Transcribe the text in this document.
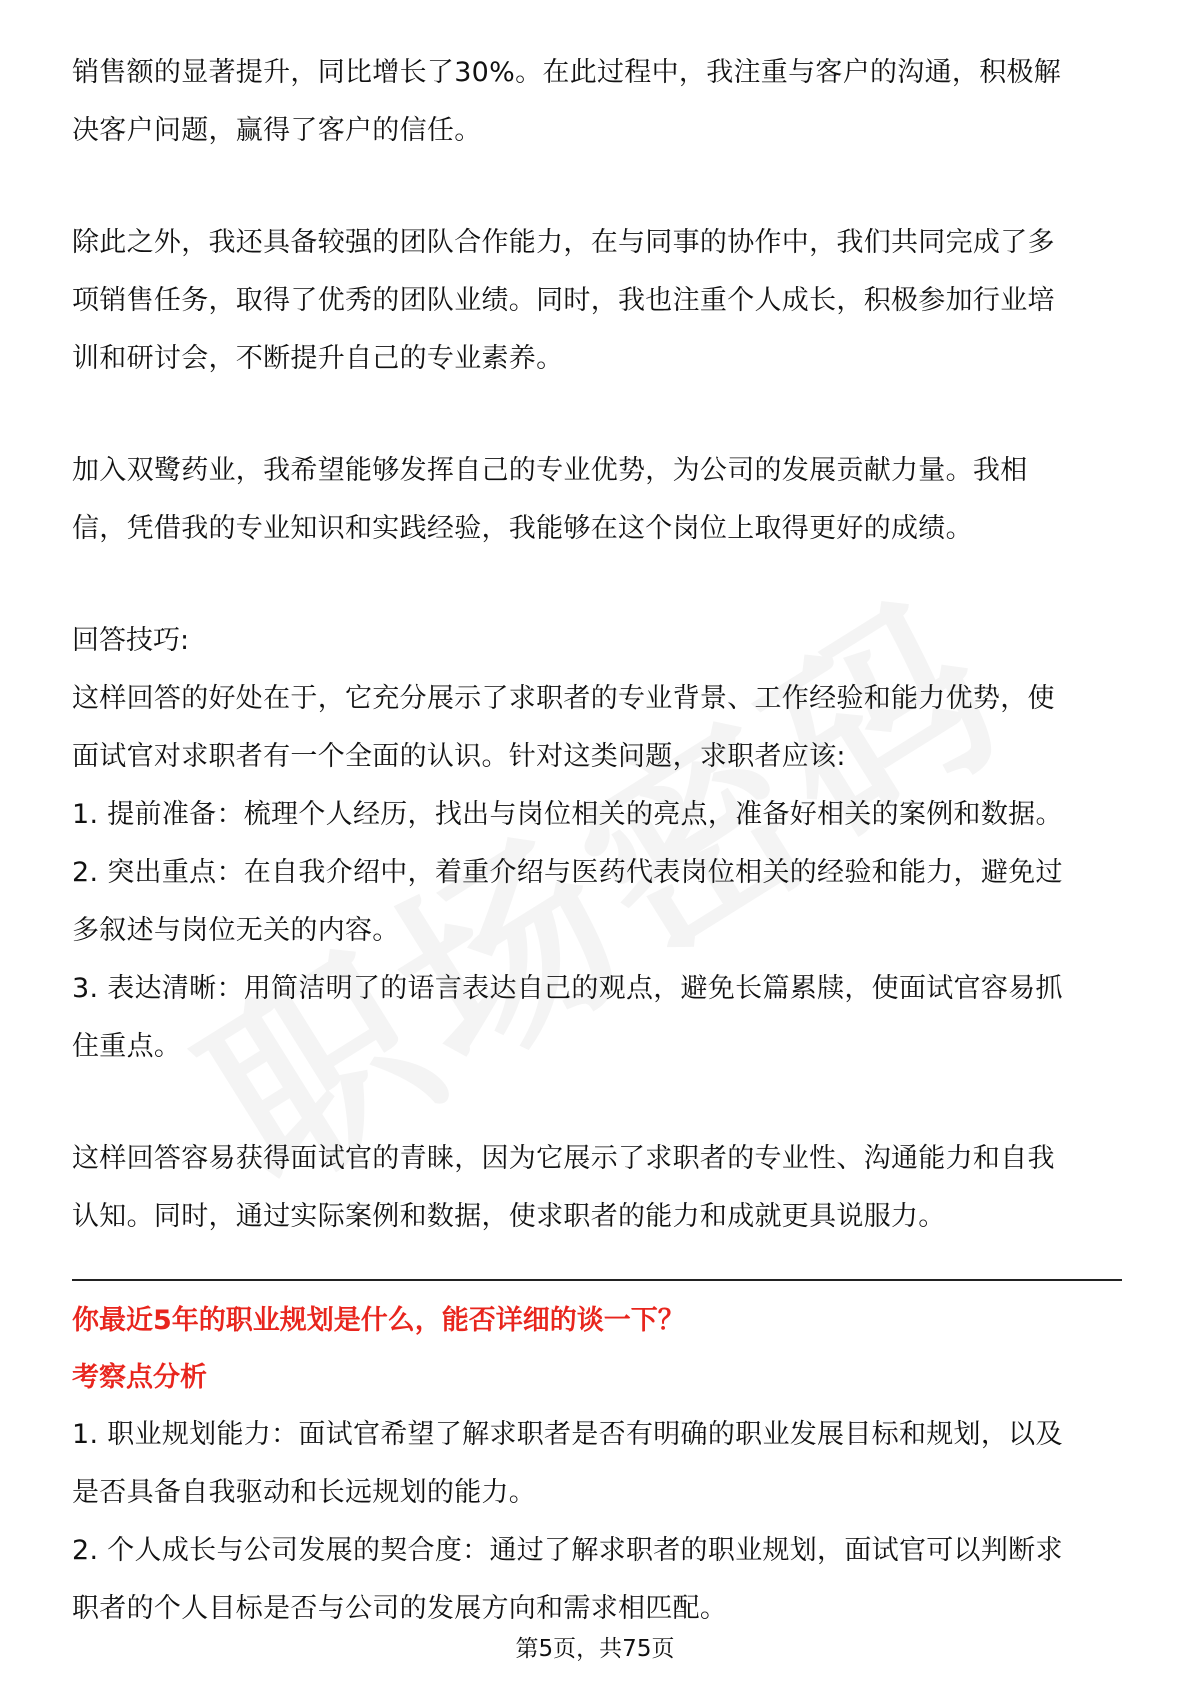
销售额的显著提升，同比增长了30%。在此过程中，我注重与客户的沟通，积极解
决客户问题，赢得了客户的信任。

除此之外，我还具备较强的团队合作能力，在与同事的协作中，我们共同完成了多
项销售任务，取得了优秀的团队业绩。同时，我也注重个人成长，积极参加行业培
训和研讨会，不断提升自己的专业素养。

加入双鹭药业，我希望能够发挥自己的专业优势，为公司的发展贡献力量。我相
信，凭借我的专业知识和实践经验，我能够在这个岗位上取得更好的成绩。

回答技巧:

这样回答的好处在于，它充分展示了求职者的专业背景、工作经验和能力优势，使
面试官对求职者有一个全面的认识。针对这类问题，求职者应该:

1. 提前准备：梳理个人经历，找出与岗位相关的亮点，准备好相关的案例和数据。

2. 突出重点：在自我介绍中，着重介绍与医药代表岗位相关的经验和能力，避免过
多叙述与岗位无关的内容。

3. 表达清晰：用简洁明了的语言表达自己的观点，避免长篇累牍，使面试官容易抓
住重点。

这样回答容易获得面试官的青睐，因为它展示了求职者的专业性、沟通能力和自我
认知。同时，通过实际案例和数据，使求职者的能力和成就更具说服力。

你最近5年的职业规划是什么，能否详细的谈一下？

考察点分析

1. 职业规划能力：面试官希望了解求职者是否有明确的职业发展目标和规划，以及
是否具备自我驱动和长远规划的能力。

2. 个人成长与公司发展的契合度：通过了解求职者的职业规划，面试官可以判断求
职者的个人目标是否与公司的发展方向和需求相匹配。

第5页，共75页
